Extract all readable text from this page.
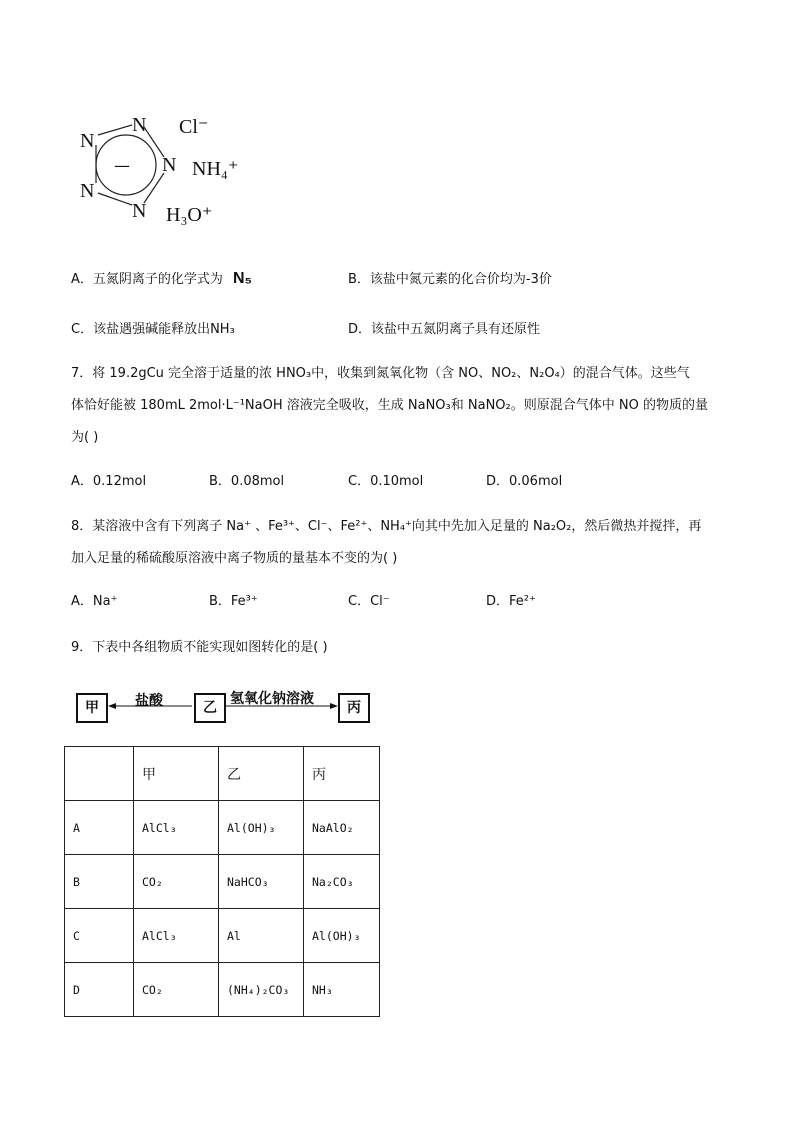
N
N
N
N
N
—
Cl⁻
NH₄⁺
H₃O⁺
A．五氮阴离子的化学式为 N₅	B．该盐中氮元素的化合价均为-3价
C．该盐遇强碱能释放出NH₃	D．该盐中五氮阴离子具有还原性
7．将 19.2gCu 完全溶于适量的浓 HNO₃中，收集到氮氧化物（含 NO、NO₂、N₂O₄）的混合气体。这些气
体恰好能被 180mL 2mol·L⁻¹NaOH 溶液完全吸收，生成 NaNO₃和 NaNO₂。则原混合气体中 NO 的物质的量
为( )
A．0.12mol	B．0.08mol	C．0.10mol	D．0.06mol
8．某溶液中含有下列离子 Na⁺ 、Fe³⁺、Cl⁻、Fe²⁺、NH₄⁺向其中先加入足量的 Na₂O₂，然后微热并搅拌，再
加入足量的稀硫酸原溶液中离子物质的量基本不变的为( )
A．Na⁺	B．Fe³⁺	C．Cl⁻	D．Fe²⁺
9．下表中各组物质不能实现如图转化的是( )
甲	乙	丙
盐酸	氢氧化钠溶液
	甲	乙	丙
A	AlCl₃	Al(OH)₃	NaAlO₂
B	CO₂	NaHCO₃	Na₂CO₃
C	AlCl₃	Al	Al(OH)₃
D	CO₂	(NH₄)₂CO₃	NH₃
